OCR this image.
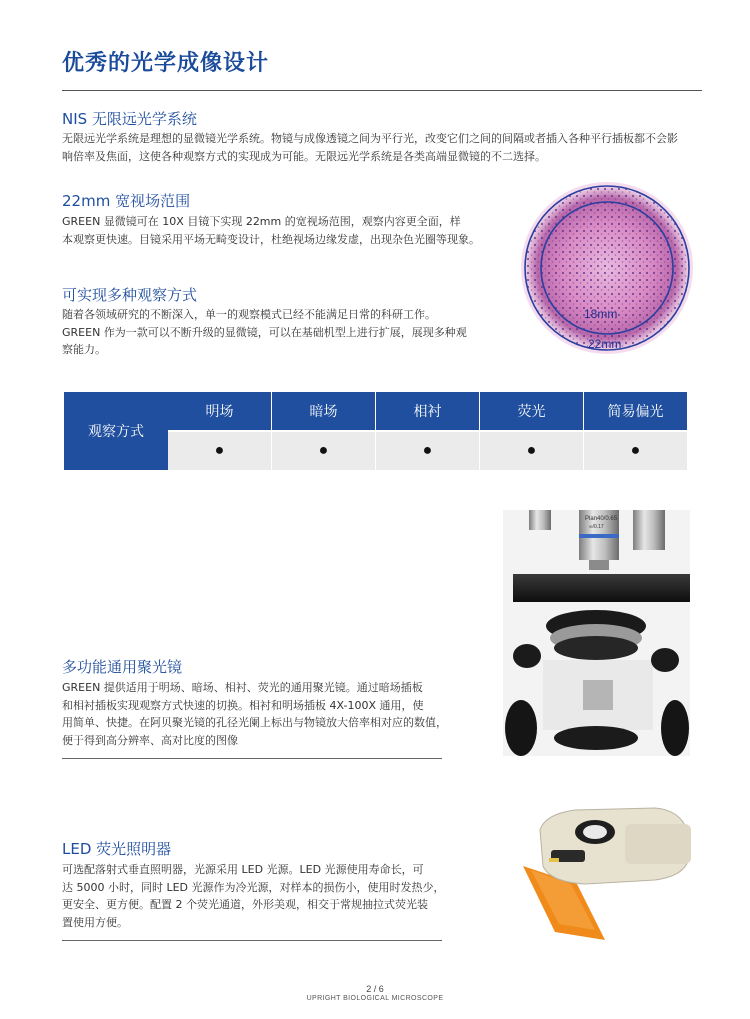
优秀的光学成像设计
NIS 无限远光学系统
无限远光学系统是理想的显微镜光学系统。物镜与成像透镜之间为平行光，改变它们之间的间隔或者插入各种平行插板都不会影
响倍率及焦面，这使各种观察方式的实现成为可能。无限远光学系统是各类高端显微镜的不二选择。
22mm 宽视场范围
GREEN 显微镜可在 10X 目镜下实现 22mm 的宽视场范围，观察内容更全面，样
本观察更快速。目镜采用平场无畸变设计，杜绝视场边缘发虚，出现杂色光圈等现象。
可实现多种观察方式
随着各领域研究的不断深入，单一的观察模式已经不能满足日常的科研工作。
GREEN 作为一款可以不断升级的显微镜，可以在基础机型上进行扩展，展现多种观
察能力。
18mm
22mm
观察方式
明场
●
暗场
●
相衬
●
荧光
●
简易偏光
●
Plan40/0.65
∞/0.17
多功能通用聚光镜
GREEN 提供适用于明场、暗场、相衬、荧光的通用聚光镜。通过暗场插板
和相衬插板实现观察方式快速的切换。相衬和明场插板 4X-100X 通用，使
用简单、快捷。在阿贝聚光镜的孔径光阑上标出与物镜放大倍率相对应的数值，
便于得到高分辨率、高对比度的图像
LED 荧光照明器
可选配落射式垂直照明器，光源采用 LED 光源。LED 光源使用寿命长，可
达 5000 小时，同时 LED 光源作为冷光源，对样本的损伤小，使用时发热少，
更安全、更方便。配置 2 个荧光通道，外形美观，相交于常规抽拉式荧光装
置使用方便。
2 / 6
UPRIGHT BIOLOGICAL MICROSCOPE
